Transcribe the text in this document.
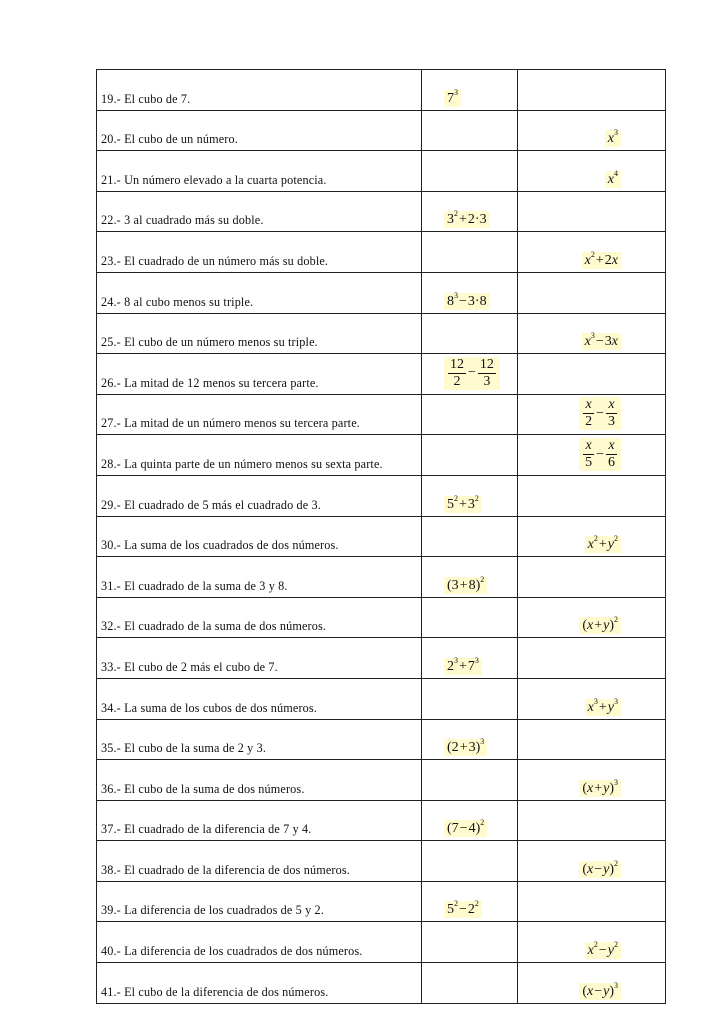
19.- El cubo de 7.	$7^3$

20.- El cubo de un número.		$x^3$

21.- Un número elevado a la cuarta potencia.		$x^4$

22.- 3 al cuadrado más su doble.	$3^2+2\cdot 3$	

23.- El cuadrado de un número más su doble.		$x^2+2x$

24.- 8 al cubo menos su triple.	$8^3-3\cdot 8$	

25.- El cubo de un número menos su triple.		$x^3-3x$

26.- La mitad de 12 menos su tercera parte.	$\frac{12}{2} - \frac{12}{3}$

27.- La mitad de un número menos su tercera parte.		$\frac{x}{2} - \frac{x}{3}$

28.- La quinta parte de un número menos su sexta parte.		$\frac{x}{5} - \frac{x}{6}$

29.- El cuadrado de 5 más el cuadrado de 3.	$5^2+3^2$

30.- La suma de los cuadrados de dos números.		$x^2+y^2$

31.- El cuadrado de la suma de 3 y 8.	$(3+8)^2$

32.- El cuadrado de la suma de dos números.		$(x+y)^2$

33.- El cubo de 2 más el cubo de 7.	$2^3+7^3$

34.- La suma de los cubos de dos números.		$x^3+y^3$

35.- El cubo de la suma de 2 y 3.	$(2+3)^3$

36.- El cubo de la suma de dos números.		$(x+y)^3$

37.- El cuadrado de la diferencia de 7 y 4.	$(7-4)^2$

38.- El cuadrado de la diferencia de dos números.		$(x-y)^2$

39.- La diferencia de los cuadrados de 5 y 2.	$5^2-2^2$

40.- La diferencia de los cuadrados de dos números.		$x^2-y^2$

41.- El cubo de la diferencia de dos números.		$(x-y)^3$
